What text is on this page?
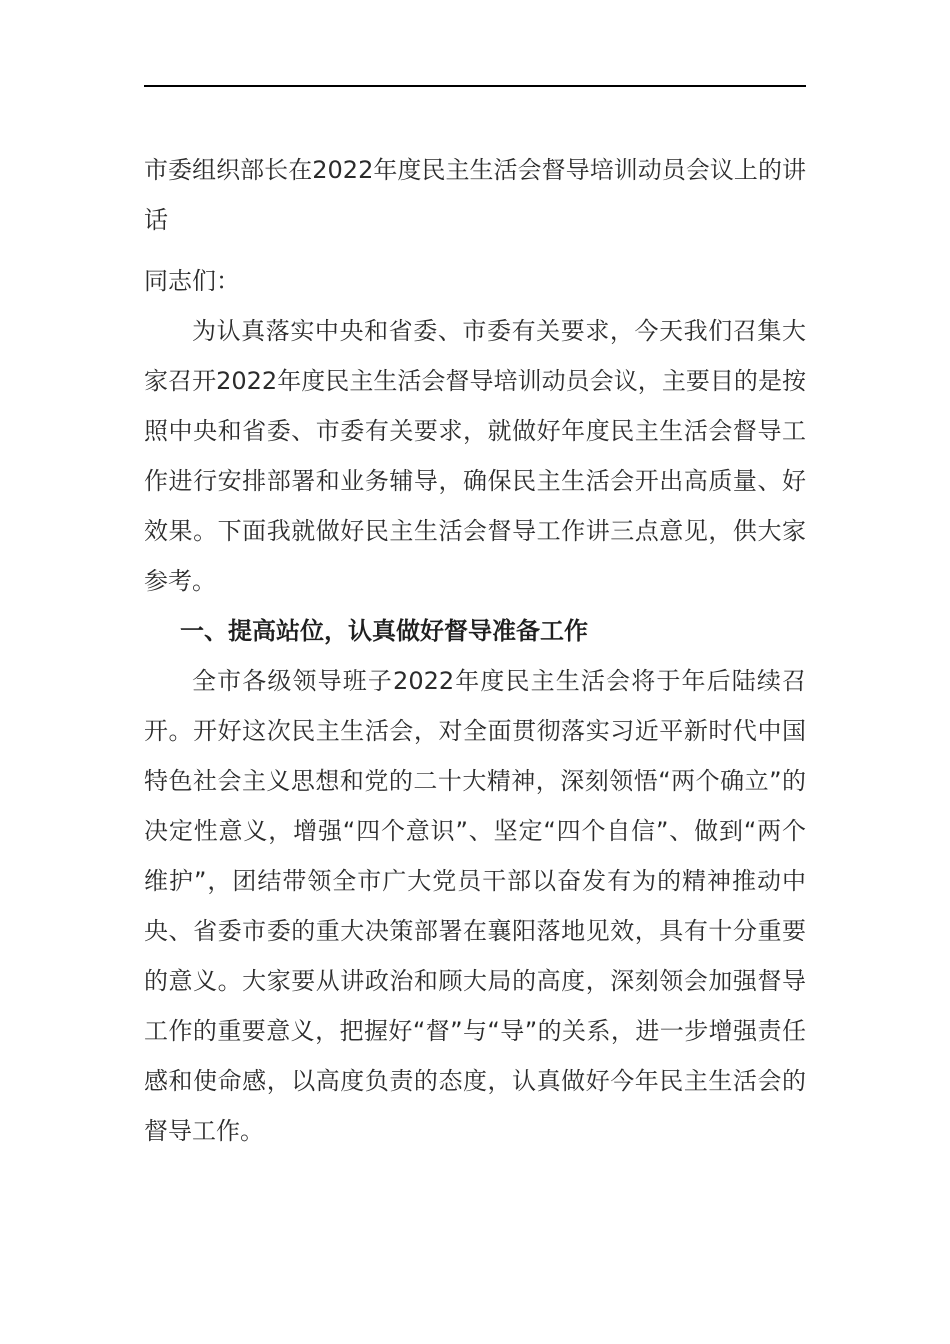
市委组织部长在2022年度民主生活会督导培训动员会议上的讲话

同志们：

为认真落实中央和省委、市委有关要求，今天我们召集大家召开2022年度民主生活会督导培训动员会议，主要目的是按照中央和省委、市委有关要求，就做好年度民主生活会督导工作进行安排部署和业务辅导，确保民主生活会开出高质量、好效果。下面我就做好民主生活会督导工作讲三点意见，供大家参考。

一、提高站位，认真做好督导准备工作

全市各级领导班子2022年度民主生活会将于年后陆续召开。开好这次民主生活会，对全面贯彻落实习近平新时代中国特色社会主义思想和党的二十大精神，深刻领悟“两个确立”的决定性意义，增强“四个意识”、坚定“四个自信”、做到“两个维护”，团结带领全市广大党员干部以奋发有为的精神推动中央、省委市委的重大决策部署在襄阳落地见效，具有十分重要的意义。大家要从讲政治和顾大局的高度，深刻领会加强督导工作的重要意义，把握好“督”与“导”的关系，进一步增强责任感和使命感，以高度负责的态度，认真做好今年民主生活会的督导工作。
